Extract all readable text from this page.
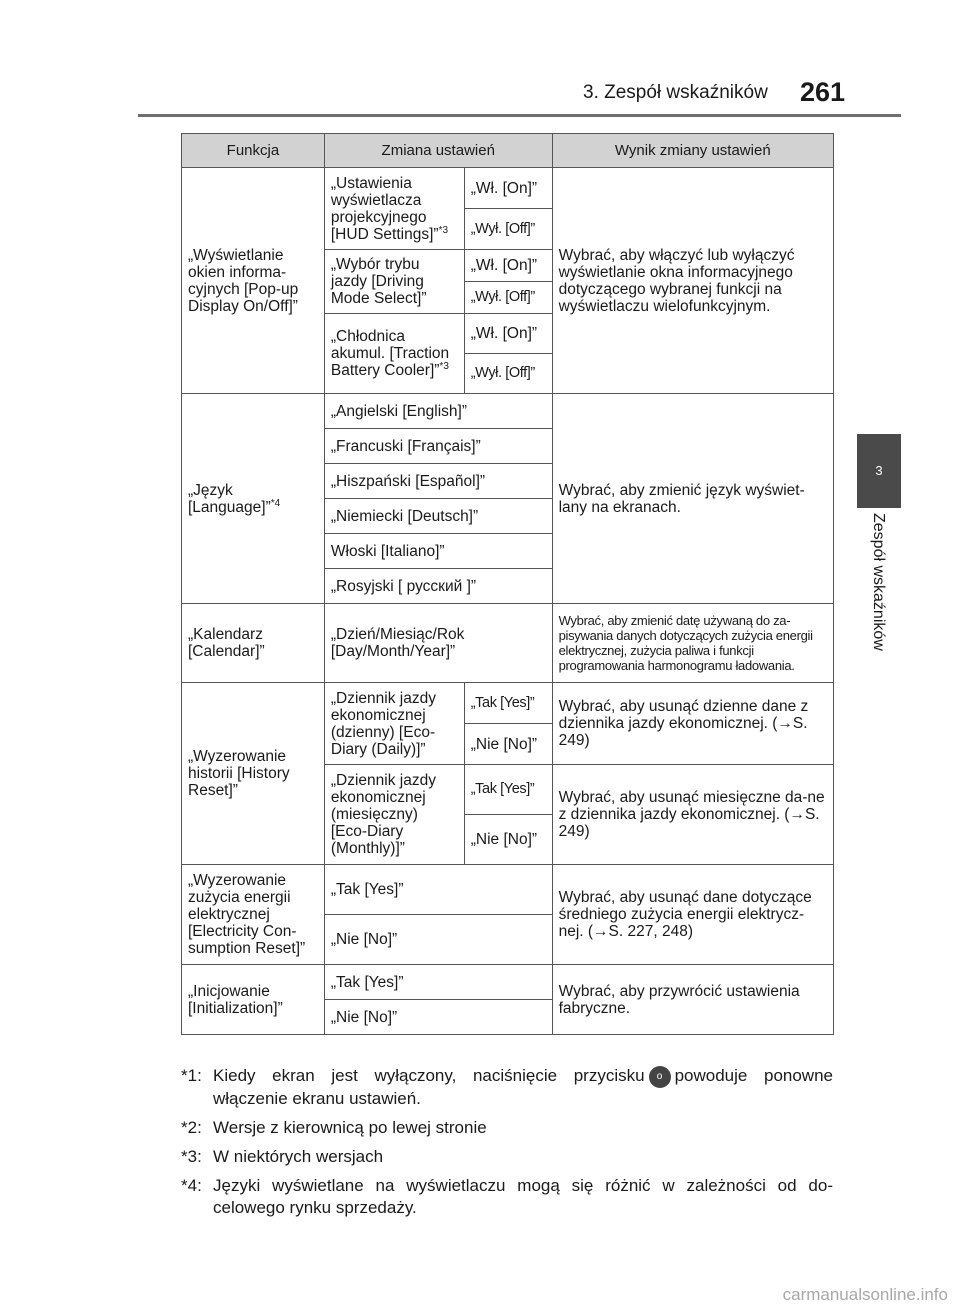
3. Zespół wskaźników 261
3
Zespół wskaźników
Funkcja	Zmiana ustawień		Wynik zmiany ustawień
„Wyświetlanie okien informa-cyjnych [Pop-up Display On/Off]”	„Ustawienia wyświetlacza projekcyjnego [HUD Settings]”$^{*3}$	„Wł. [On]”	Wybrać, aby włączyć lub wyłączyć wyświetlanie okna informacyjnego dotyczącego wybranej funkcji na wyświetlaczu wielofunkcyjnym.
		„Wył. [Off]”	
	„Wybór trybu jazdy [Driving Mode Select]”	„Wł. [On]”	
		„Wył. [Off]”	
	„Chłodnica akumul. [Traction Battery Cooler]”$^{*3}$	„Wł. [On]”	
		„Wył. [Off]”	
„Język [Language]”$^{*4}$	„Angielski [English]”		Wybrać, aby zmienić język wyświet-lany na ekranach.
	„Francuski [Français]”		
	„Hiszpański [Español]”		
	„Niemiecki [Deutsch]”		
	Włoski [Italiano]”		
	„Rosyjski [ русский ]”		
„Kalendarz [Calendar]”	„Dzień/Miesiąc/Rok [Day/Month/Year]”		Wybrać, aby zmienić datę używaną do za-pisywania danych dotyczących zużycia energii elektrycznej, zużycia paliwa i funkcji programowania harmonogramu ładowania.
„Wyzerowanie historii [History Reset]”	„Dziennik jazdy ekonomicznej (dzienny) [Eco-Diary (Daily)]”	„Tak [Yes]”	Wybrać, aby usunąć dzienne dane z dziennika jazdy ekonomicznej. (→S. 249)
		„Nie [No]”	
	„Dziennik jazdy ekonomicznej (miesięczny) [Eco-Diary (Monthly)]”	„Tak [Yes]”	Wybrać, aby usunąć miesięczne da-ne z dziennika jazdy ekonomicznej. (→S. 249)
		„Nie [No]”	
„Wyzerowanie zużycia energii elektrycznej [Electricity Con-sumption Reset]”	„Tak [Yes]”		Wybrać, aby usunąć dane dotyczące średniego zużycia energii elektrycz-nej. (→S. 227, 248)
	„Nie [No]”		
„Inicjowanie [Initialization]”	„Tak [Yes]”		Wybrać, aby przywrócić ustawienia fabryczne.
	„Nie [No]”		
*1: Kiedy ekran jest wyłączony, naciśnięcie przycisku o powoduje ponowne włączenie ekranu ustawień.
*2: Wersje z kierownicą po lewej stronie
*3: W niektórych wersjach
*4: Języki wyświetlane na wyświetlaczu mogą się różnić w zależności od do-celowego rynku sprzedaży.
carmanualsonline.info
